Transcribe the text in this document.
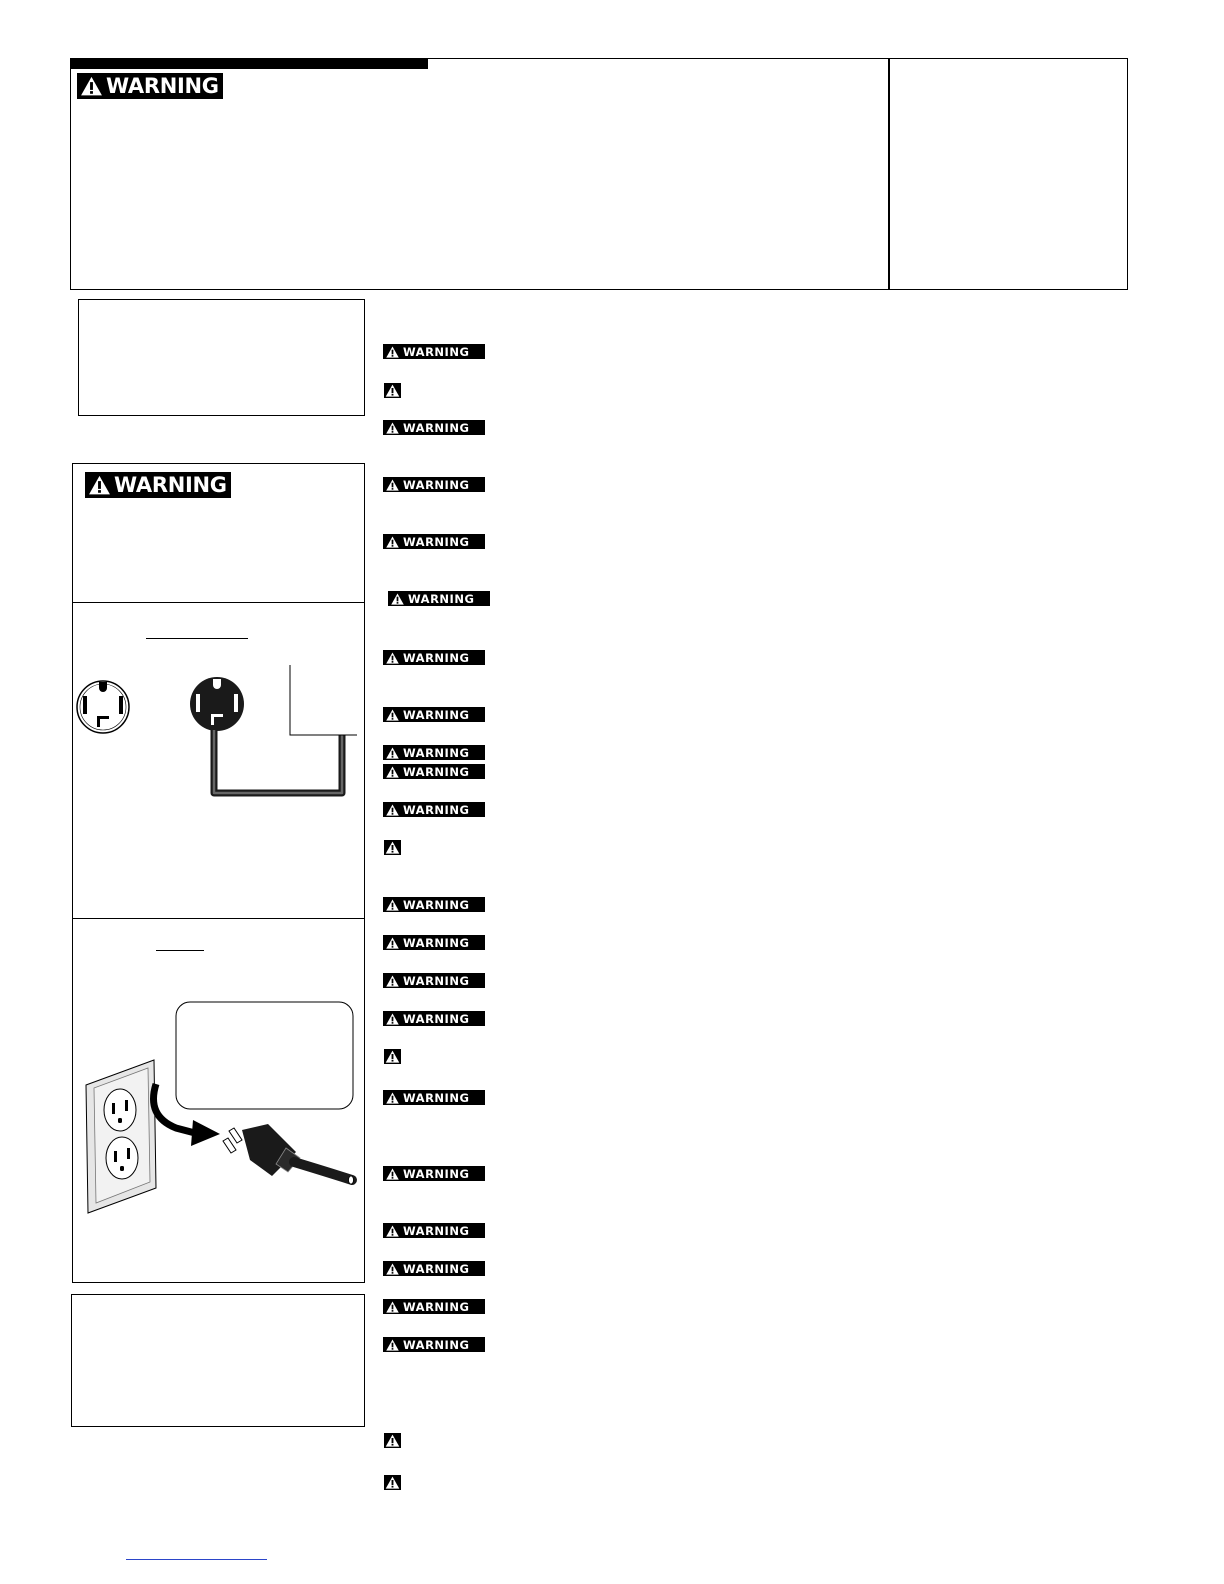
WARNING
WARNING
WARNING
WARNING
WARNING
WARNING
WARNING
WARNING
WARNING
WARNING
WARNING
WARNING
WARNING
WARNING
WARNING
WARNING
WARNING
WARNING
WARNING
WARNING
WARNING
WARNING
